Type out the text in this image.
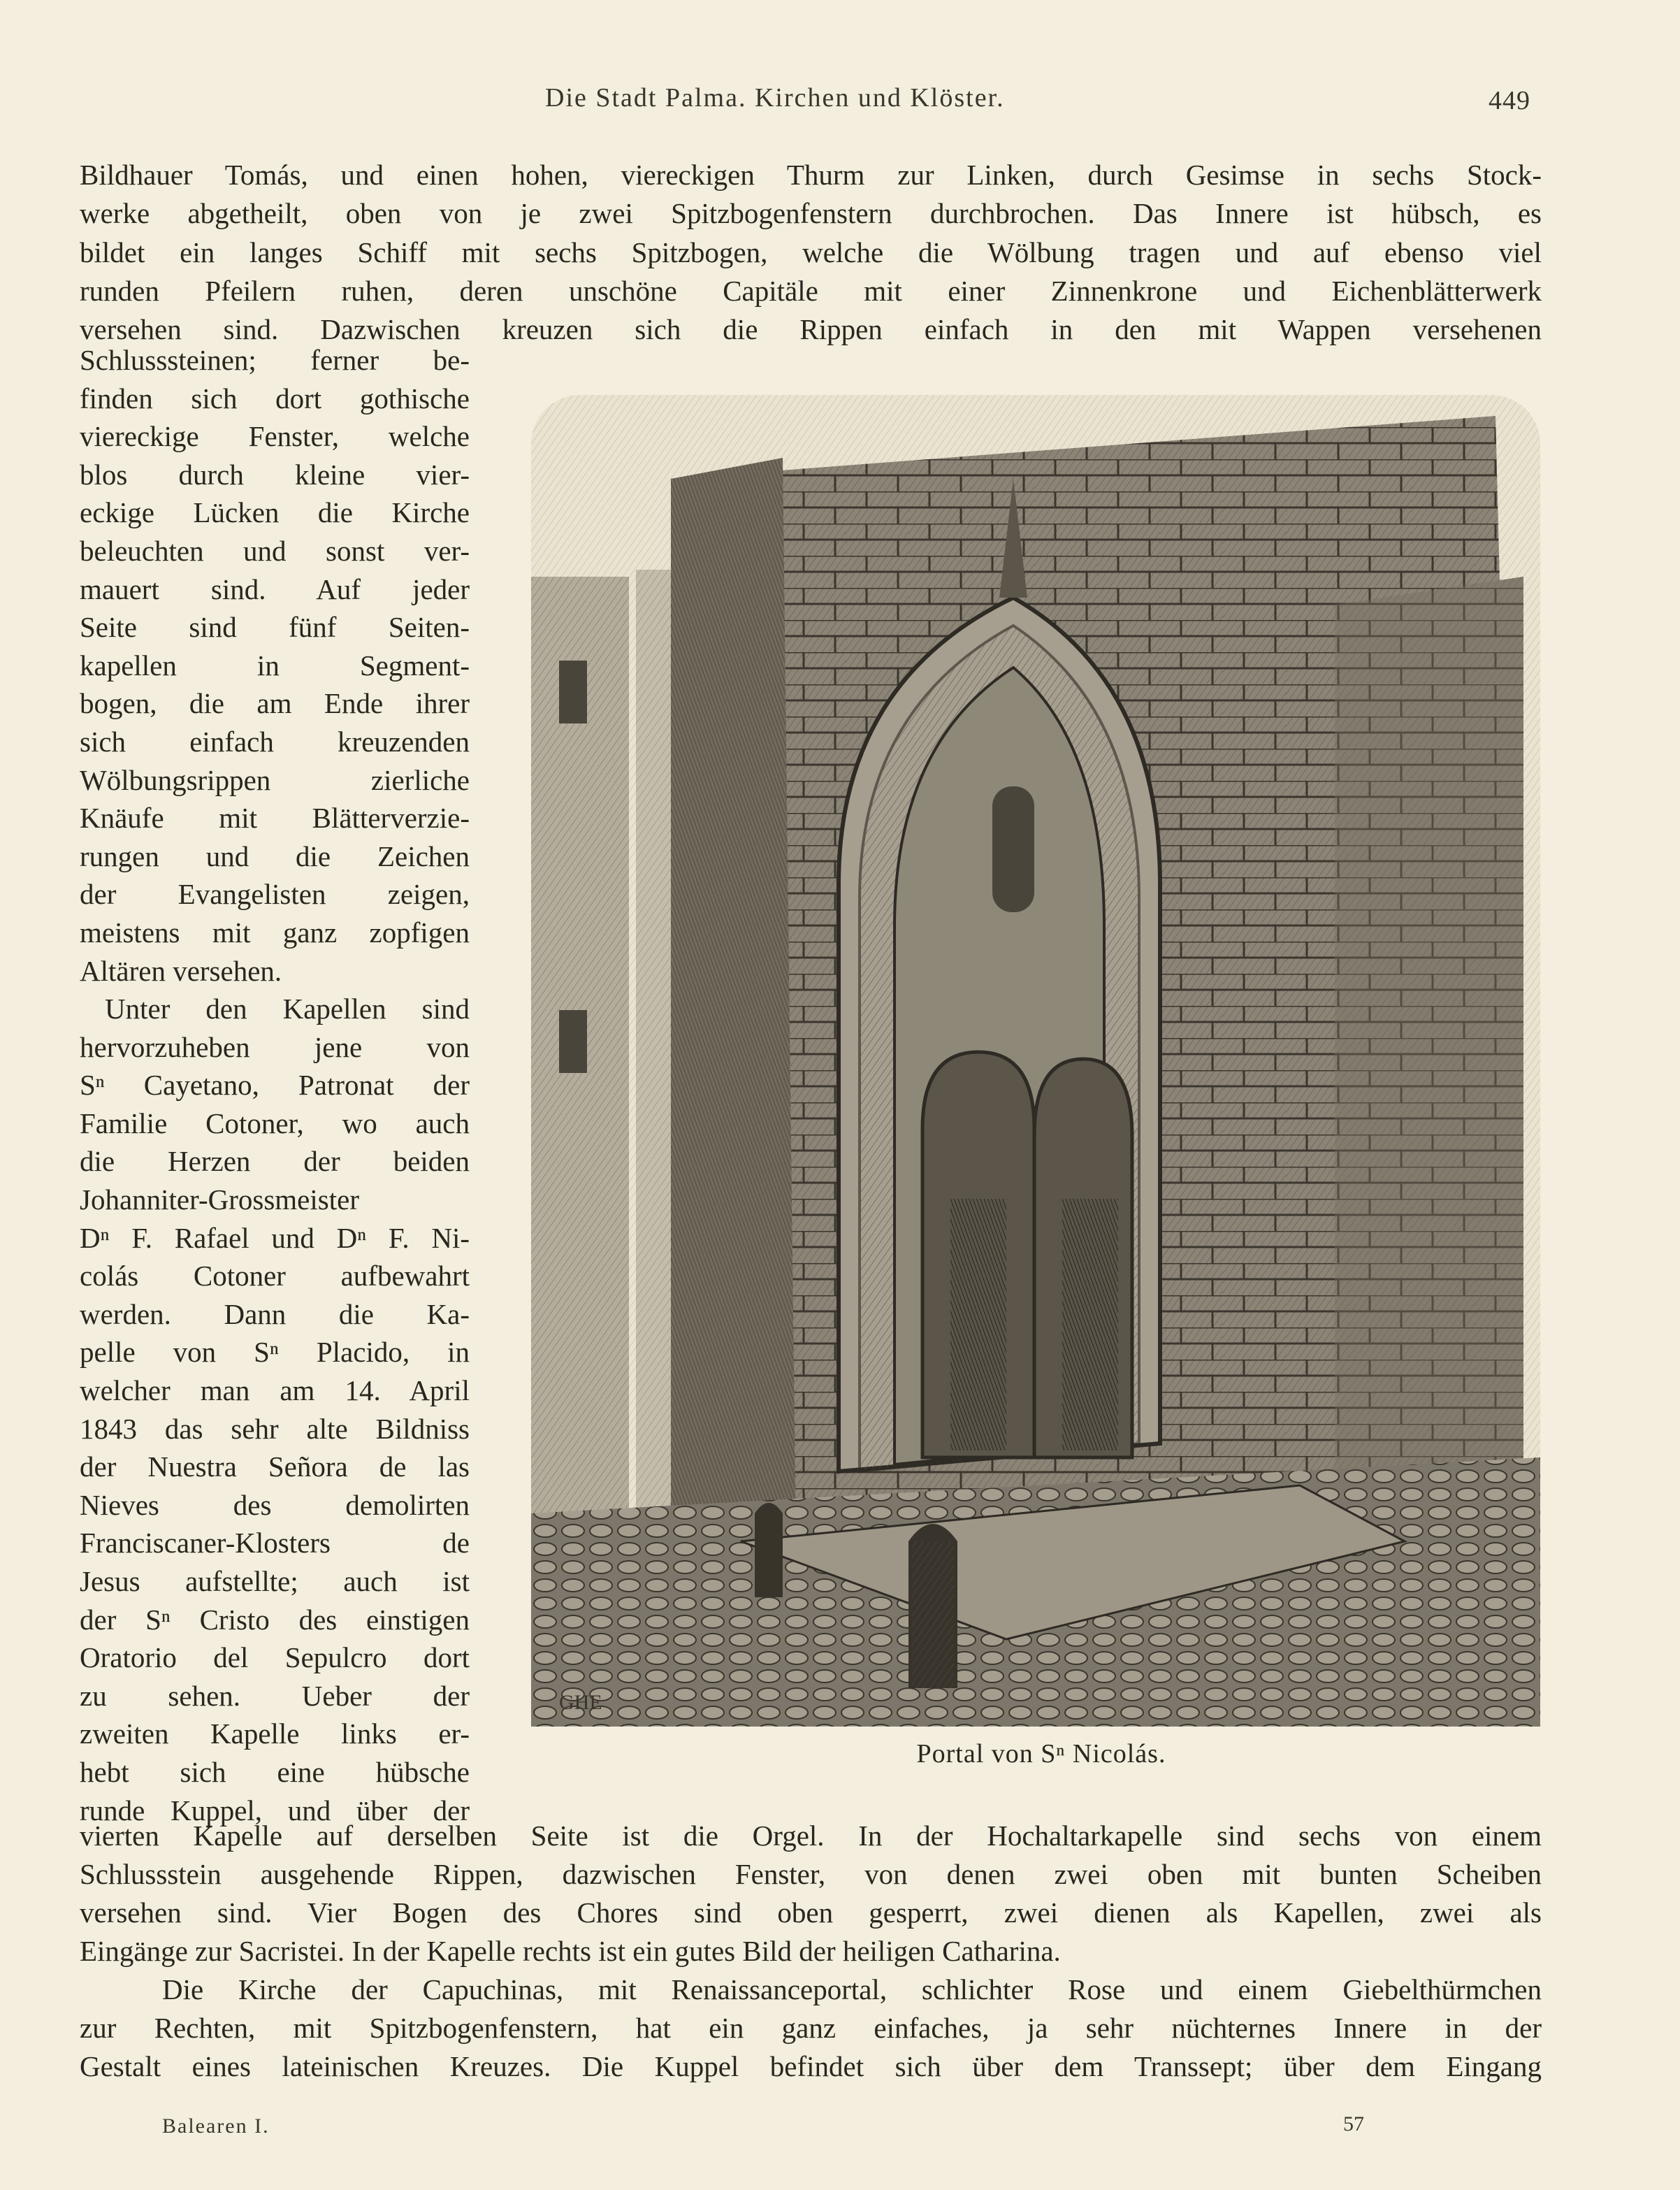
Die Stadt Palma. Kirchen und Klöster.	449
Bildhauer Tomás, und einen hohen, viereckigen Thurm zur Linken, durch Gesimse in sechs Stock-
werke abgetheilt, oben von je zwei Spitzbogenfenstern durchbrochen. Das Innere ist hübsch, es
bildet ein langes Schiff mit sechs Spitzbogen, welche die Wölbung tragen und auf ebenso viel
runden Pfeilern ruhen, deren unschöne Capitäle mit einer Zinnenkrone und Eichenblätterwerk
versehen sind. Dazwischen kreuzen sich die Rippen einfach in den mit Wappen versehenen
Schlusssteinen; ferner be-
finden sich dort gothische
viereckige Fenster, welche
blos durch kleine vier-
eckige Lücken die Kirche
beleuchten und sonst ver-
mauert sind. Auf jeder
Seite sind fünf Seiten-
kapellen in Segment-
bogen, die am Ende ihrer
sich einfach kreuzenden
Wölbungsrippen zierliche
Knäufe mit Blätterverzie-
rungen und die Zeichen
der Evangelisten zeigen,
meistens mit ganz zopfigen
Altären versehen.
Unter den Kapellen sind
hervorzuheben jene von
Sⁿ Cayetano, Patronat der
Familie Cotoner, wo auch
die Herzen der beiden
Johanniter-Grossmeister
Dⁿ F. Rafael und Dⁿ F. Ni-
colás Cotoner aufbewahrt
werden. Dann die Ka-
pelle von Sⁿ Placido, in
welcher man am 14. April
1843 das sehr alte Bildniss
der Nuestra Señora de las
Nieves des demolirten
Franciscaner-Klosters de
Jesus aufstellte; auch ist
der Sⁿ Cristo des einstigen
Oratorio del Sepulcro dort
zu sehen. Ueber der
zweiten Kapelle links er-
hebt sich eine hübsche
runde Kuppel, und über der
GHE
Portal von Sⁿ Nicolás.
vierten Kapelle auf derselben Seite ist die Orgel. In der Hochaltarkapelle sind sechs von einem
Schlussstein ausgehende Rippen, dazwischen Fenster, von denen zwei oben mit bunten Scheiben
versehen sind. Vier Bogen des Chores sind oben gesperrt, zwei dienen als Kapellen, zwei als
Eingänge zur Sacristei. In der Kapelle rechts ist ein gutes Bild der heiligen Catharina.
Die Kirche der Capuchinas, mit Renaissanceportal, schlichter Rose und einem Giebelthürmchen
zur Rechten, mit Spitzbogenfenstern, hat ein ganz einfaches, ja sehr nüchternes Innere in der
Gestalt eines lateinischen Kreuzes. Die Kuppel befindet sich über dem Transsept; über dem Eingang
Balearen I.	57
